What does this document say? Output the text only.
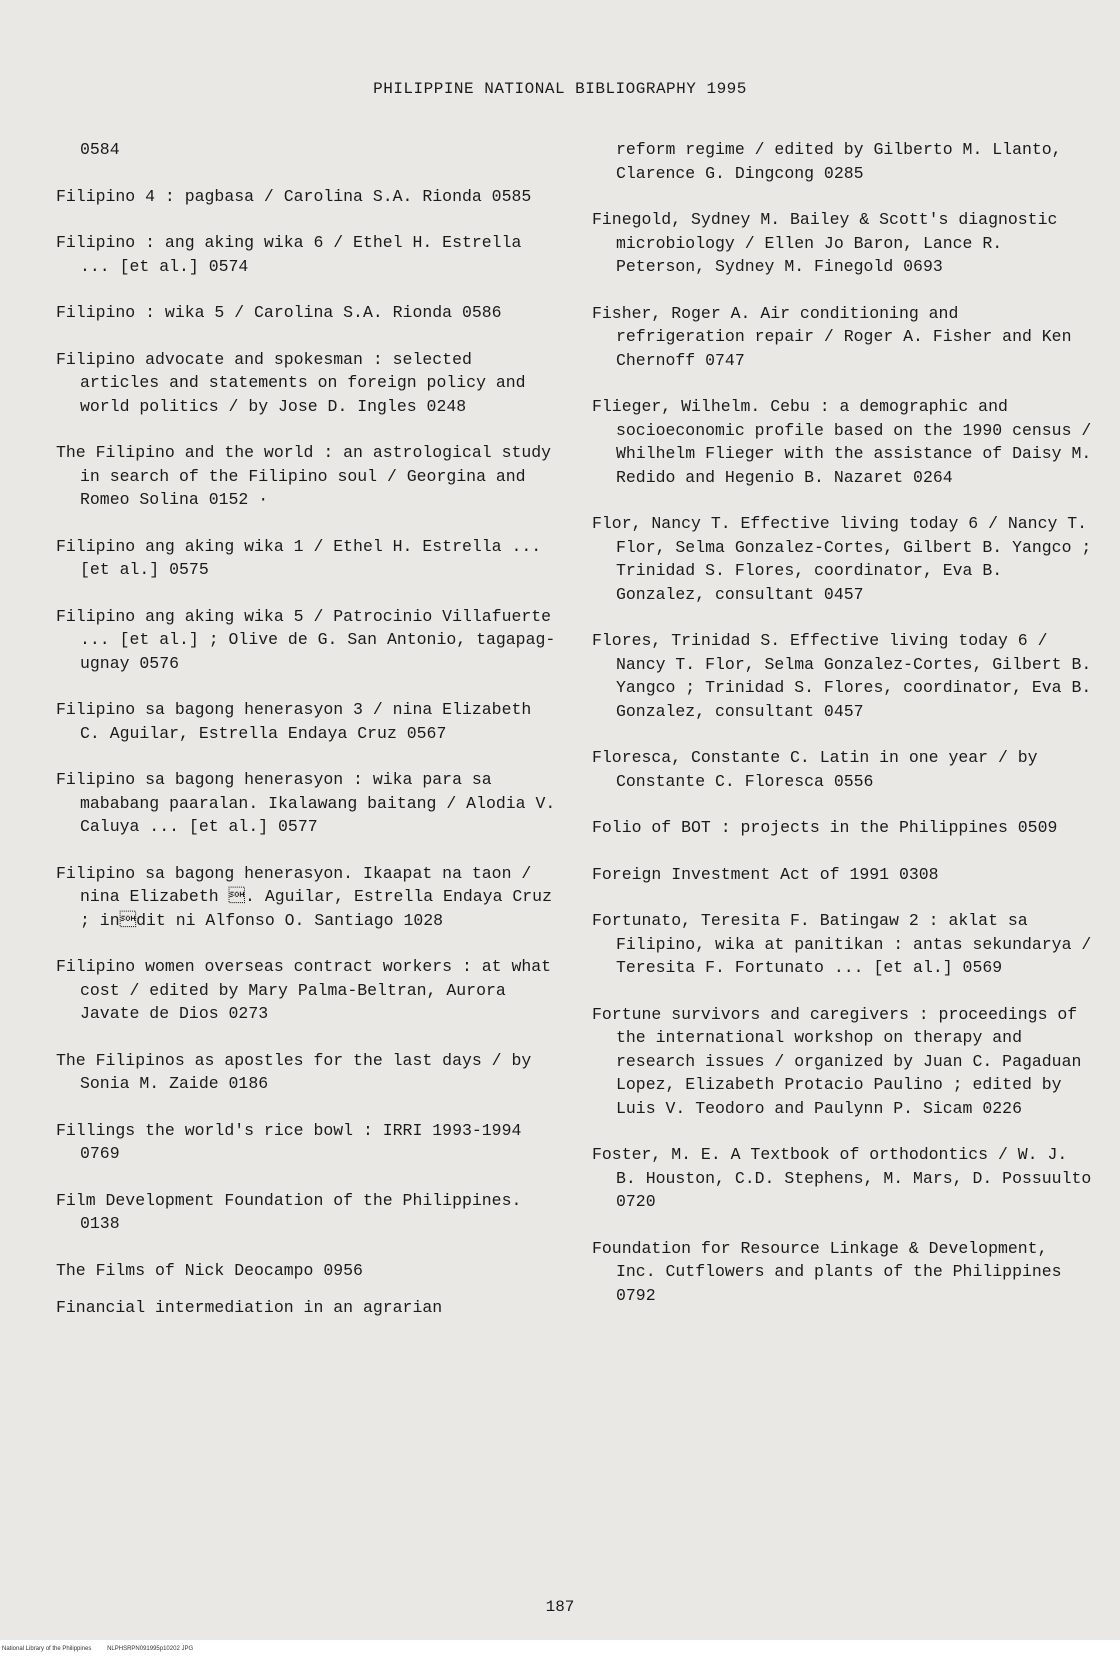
PHILIPPINE NATIONAL BIBLIOGRAPHY 1995
0584
Filipino 4 : pagbasa / Carolina S.A. Rionda 0585
Filipino : ang aking wika 6 / Ethel H. Estrella ... [et al.] 0574
Filipino : wika 5 / Carolina S.A. Rionda 0586
Filipino advocate and spokesman : selected articles and statements on foreign policy and world politics / by Jose D. Ingles 0248
The Filipino and the world : an astrological study in search of the Filipino soul / Georgina and Romeo Solina 0152 ·
Filipino ang aking wika 1 / Ethel H. Estrella ... [et al.] 0575
Filipino ang aking wika 5 / Patrocinio Villafuerte ... [et al.] ; Olive de G. San Antonio, tagapag-ugnay 0576
Filipino sa bagong henerasyon 3 / nina Elizabeth C. Aguilar, Estrella Endaya Cruz 0567
Filipino sa bagong henerasyon : wika para sa mababang paaralan. Ikalawang baitang / Alodia V. Caluya ... [et al.] 0577
Filipino sa bagong henerasyon. Ikaapat na taon / nina Elizabeth . Aguilar, Estrella Endaya Cruz ; indit ni Alfonso O. Santiago 1028
Filipino women overseas contract workers : at what cost / edited by Mary Palma-Beltran, Aurora Javate de Dios 0273
The Filipinos as apostles for the last days / by Sonia M. Zaide 0186
Fillings the world's rice bowl : IRRI 1993-1994 0769
Film Development Foundation of the Philippines. 0138
The Films of Nick Deocampo 0956
Financial intermediation in an agrarian
reform regime / edited by Gilberto M. Llanto, Clarence G. Dingcong 0285
Finegold, Sydney M. Bailey & Scott's diagnostic microbiology / Ellen Jo Baron, Lance R. Peterson, Sydney M. Finegold 0693
Fisher, Roger A. Air conditioning and refrigeration repair / Roger A. Fisher and Ken Chernoff 0747
Flieger, Wilhelm. Cebu : a demographic and socioeconomic profile based on the 1990 census / Whilhelm Flieger with the assistance of Daisy M. Redido and Hegenio B. Nazaret 0264
Flor, Nancy T. Effective living today 6 / Nancy T. Flor, Selma Gonzalez-Cortes, Gilbert B. Yangco ; Trinidad S. Flores, coordinator, Eva B. Gonzalez, consultant 0457
Flores, Trinidad S. Effective living today 6 / Nancy T. Flor, Selma Gonzalez-Cortes, Gilbert B. Yangco ; Trinidad S. Flores, coordinator, Eva B. Gonzalez, consultant 0457
Floresca, Constante C. Latin in one year / by Constante C. Floresca 0556
Folio of BOT : projects in the Philippines 0509
Foreign Investment Act of 1991 0308
Fortunato, Teresita F. Batingaw 2 : aklat sa Filipino, wika at panitikan : antas sekundarya / Teresita F. Fortunato ... [et al.] 0569
Fortune survivors and caregivers : proceedings of the international workshop on therapy and research issues / organized by Juan C. Pagaduan Lopez, Elizabeth Protacio Paulino ; edited by Luis V. Teodoro and Paulynn P. Sicam 0226
Foster, M. E. A Textbook of orthodontics / W. J. B. Houston, C.D. Stephens, M. Mars, D. Possuulto 0720
Foundation for Resource Linkage & Development, Inc. Cutflowers and plants of the Philippines 0792
187
National Library of the Philippines	NLPHSRPN091995p10202 JPG
